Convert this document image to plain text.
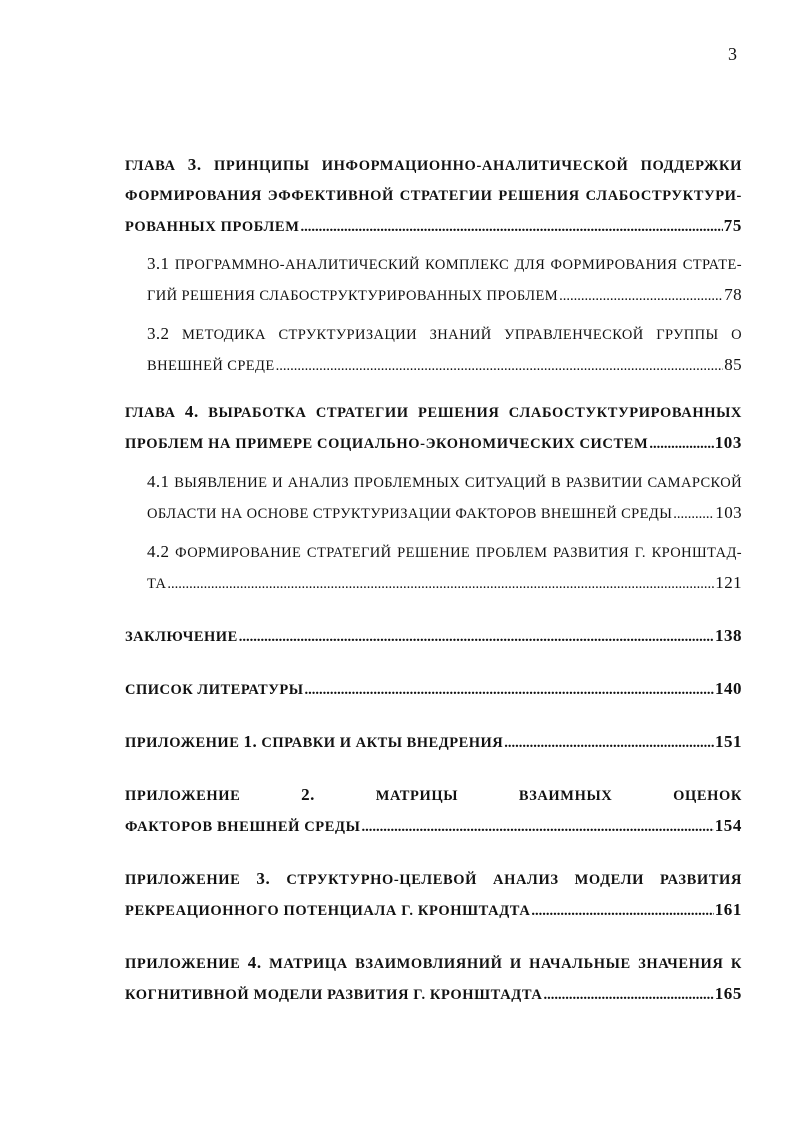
3
ГЛАВА 3. ПРИНЦИПЫ ИНФОРМАЦИОННО-АНАЛИТИЧЕСКОЙ ПОДДЕРЖКИ
ФОРМИРОВАНИЯ ЭФФЕКТИВНОЙ СТРАТЕГИИ РЕШЕНИЯ СЛАБОСТРУКТУРИ-
РОВАННЫХ ПРОБЛЕМ .....	75
3.1 ПРОГРАММНО-АНАЛИТИЧЕСКИЙ КОМПЛЕКС ДЛЯ ФОРМИРОВАНИЯ СТРАТЕ-
ГИЙ РЕШЕНИЯ СЛАБОСТРУКТУРИРОВАННЫХ ПРОБЛЕМ .....	78
3.2 МЕТОДИКА СТРУКТУРИЗАЦИИ ЗНАНИЙ УПРАВЛЕНЧЕСКОЙ ГРУППЫ О
ВНЕШНЕЙ СРЕДЕ .....	85
ГЛАВА 4. ВЫРАБОТКА СТРАТЕГИИ РЕШЕНИЯ СЛАБОСТУКТУРИРОВАННЫХ
ПРОБЛЕМ НА ПРИМЕРЕ СОЦИАЛЬНО-ЭКОНОМИЧЕСКИХ СИСТЕМ .....	103
4.1 ВЫЯВЛЕНИЕ И АНАЛИЗ ПРОБЛЕМНЫХ СИТУАЦИЙ В РАЗВИТИИ САМАРСКОЙ
ОБЛАСТИ НА ОСНОВЕ СТРУКТУРИЗАЦИИ ФАКТОРОВ ВНЕШНЕЙ СРЕДЫ .....	103
4.2 ФОРМИРОВАНИЕ СТРАТЕГИЙ РЕШЕНИЕ ПРОБЛЕМ РАЗВИТИЯ Г. КРОНШТАД-
ТА .....	121
ЗАКЛЮЧЕНИЕ .....	138
СПИСОК ЛИТЕРАТУРЫ .....	140
ПРИЛОЖЕНИЕ 1. СПРАВКИ И АКТЫ ВНЕДРЕНИЯ .....	151
ПРИЛОЖЕНИЕ	2.	МАТРИЦЫ	ВЗАИМНЫХ	ОЦЕНОК
ФАКТОРОВ ВНЕШНЕЙ СРЕДЫ .....	154
ПРИЛОЖЕНИЕ 3. СТРУКТУРНО-ЦЕЛЕВОЙ АНАЛИЗ МОДЕЛИ РАЗВИТИЯ
РЕКРЕАЦИОННОГО ПОТЕНЦИАЛА Г. КРОНШТАДТА .....	161
ПРИЛОЖЕНИЕ 4. МАТРИЦА ВЗАИМОВЛИЯНИЙ И НАЧАЛЬНЫЕ ЗНАЧЕНИЯ К
КОГНИТИВНОЙ МОДЕЛИ РАЗВИТИЯ Г. КРОНШТАДТА .....	165
